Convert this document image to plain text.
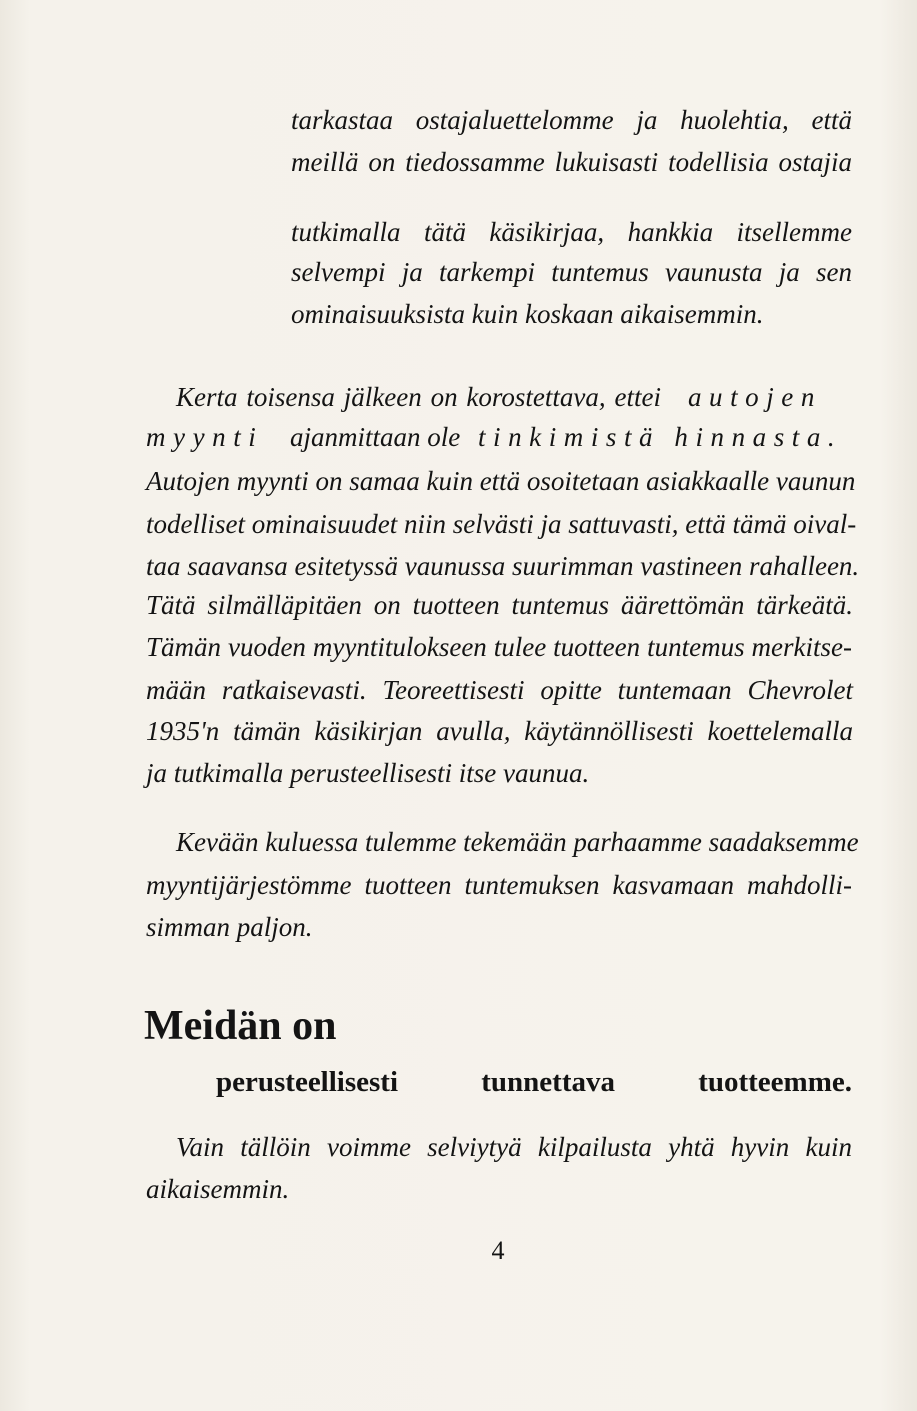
tarkastaa ostajaluettelomme ja huolehtia, että
meillä on tiedossamme lukuisasti todellisia ostajia
tutkimalla tätä käsikirjaa, hankkia itsellemme
selvempi ja tarkempi tuntemus vaunusta ja sen
ominaisuuksista kuin koskaan aikaisemmin.
Kerta toisensa jälkeen on korostettava, ettei autojen
myynti ajanmittaan ole tinkimistä hinnasta.
Autojen myynti on samaa kuin että osoitetaan asiakkaalle vaunun
todelliset ominaisuudet niin selvästi ja sattuvasti, että tämä oival-
taa saavansa esitetyssä vaunussa suurimman vastineen rahalleen.
Tätä silmälläpitäen on tuotteen tuntemus äärettömän tärkeätä.
Tämän vuoden myyntitulokseen tulee tuotteen tuntemus merkitse-
mään ratkaisevasti. Teoreettisesti opitte tuntemaan Chevrolet
1935'n tämän käsikirjan avulla, käytännöllisesti koettelemalla
ja tutkimalla perusteellisesti itse vaunua.
Kevään kuluessa tulemme tekemään parhaamme saadaksemme
myyntijärjestömme tuotteen tuntemuksen kasvamaan mahdolli-
simman paljon.
Meidän on
perusteellisesti tunnettava tuotteemme.
Vain tällöin voimme selviytyä kilpailusta yhtä hyvin kuin
aikaisemmin.
4
